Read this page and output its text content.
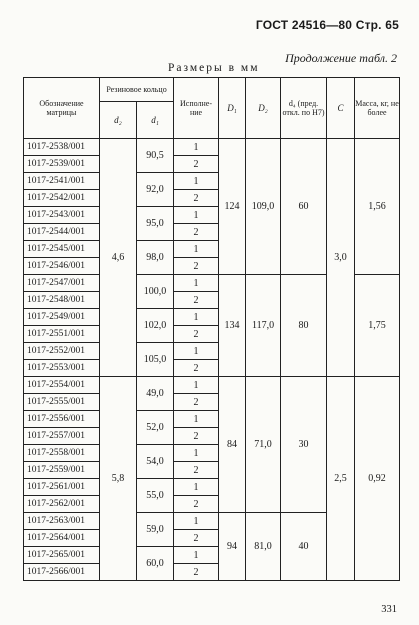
ГОСТ 24516—80 Стр. 65
Продолжение табл. 2
Размеры в мм
Обозначение матрицы	Резиновое кольцо		Исполне-ние	D₁	D₂	d₄ (пред. откл. по Н7)	C	Масса, кг, не более
	d₂	d₁						
1017-2538/001	4,6	90,5	1	124	109,0	60	3,0	1,56
1017-2539/001			2					
1017-2541/001		92,0	1					
1017-2542/001			2					
1017-2543/001		95,0	1					
1017-2544/001			2					
1017-2545/001		98,0	1					
1017-2546/001			2					
1017-2547/001		100,0	1	134	117,0	80		1,75
1017-2548/001			2					
1017-2549/001		102,0	1					
1017-2551/001			2					
1017-2552/001		105,0	1					
1017-2553/001			2					
1017-2554/001	5,8	49,0	1	84	71,0	30	2,5	0,92
1017-2555/001			2					
1017-2556/001		52,0	1					
1017-2557/001			2					
1017-2558/001		54,0	1					
1017-2559/001			2					
1017-2561/001		55,0	1					
1017-2562/001			2					
1017-2563/001		59,0	1	94	81,0	40		
1017-2564/001			2					
1017-2565/001		60,0	1					
1017-2566/001			2					
331
